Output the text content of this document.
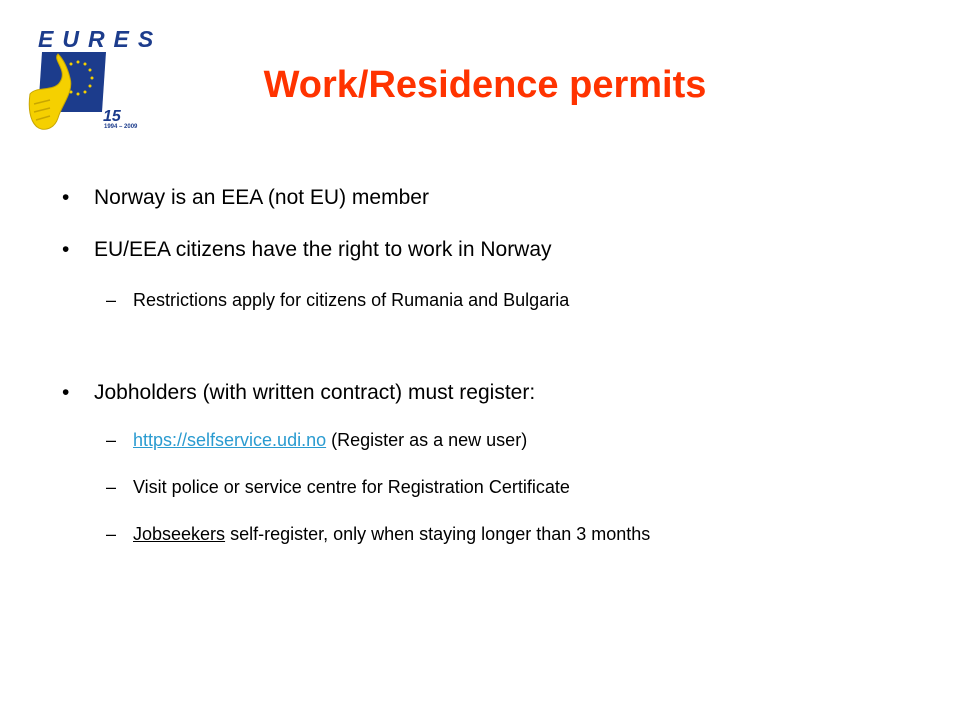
EURES
15
1994 – 2009
Work/Residence permits
• Norway is an EEA (not EU) member
• EU/EEA citizens have the right to work in Norway
– Restrictions apply for citizens of Rumania and Bulgaria
• Jobholders (with written contract) must register:
– https://selfservice.udi.no (Register as a new user)
– Visit police or service centre for Registration Certificate
– Jobseekers self-register, only when staying longer than 3 months
